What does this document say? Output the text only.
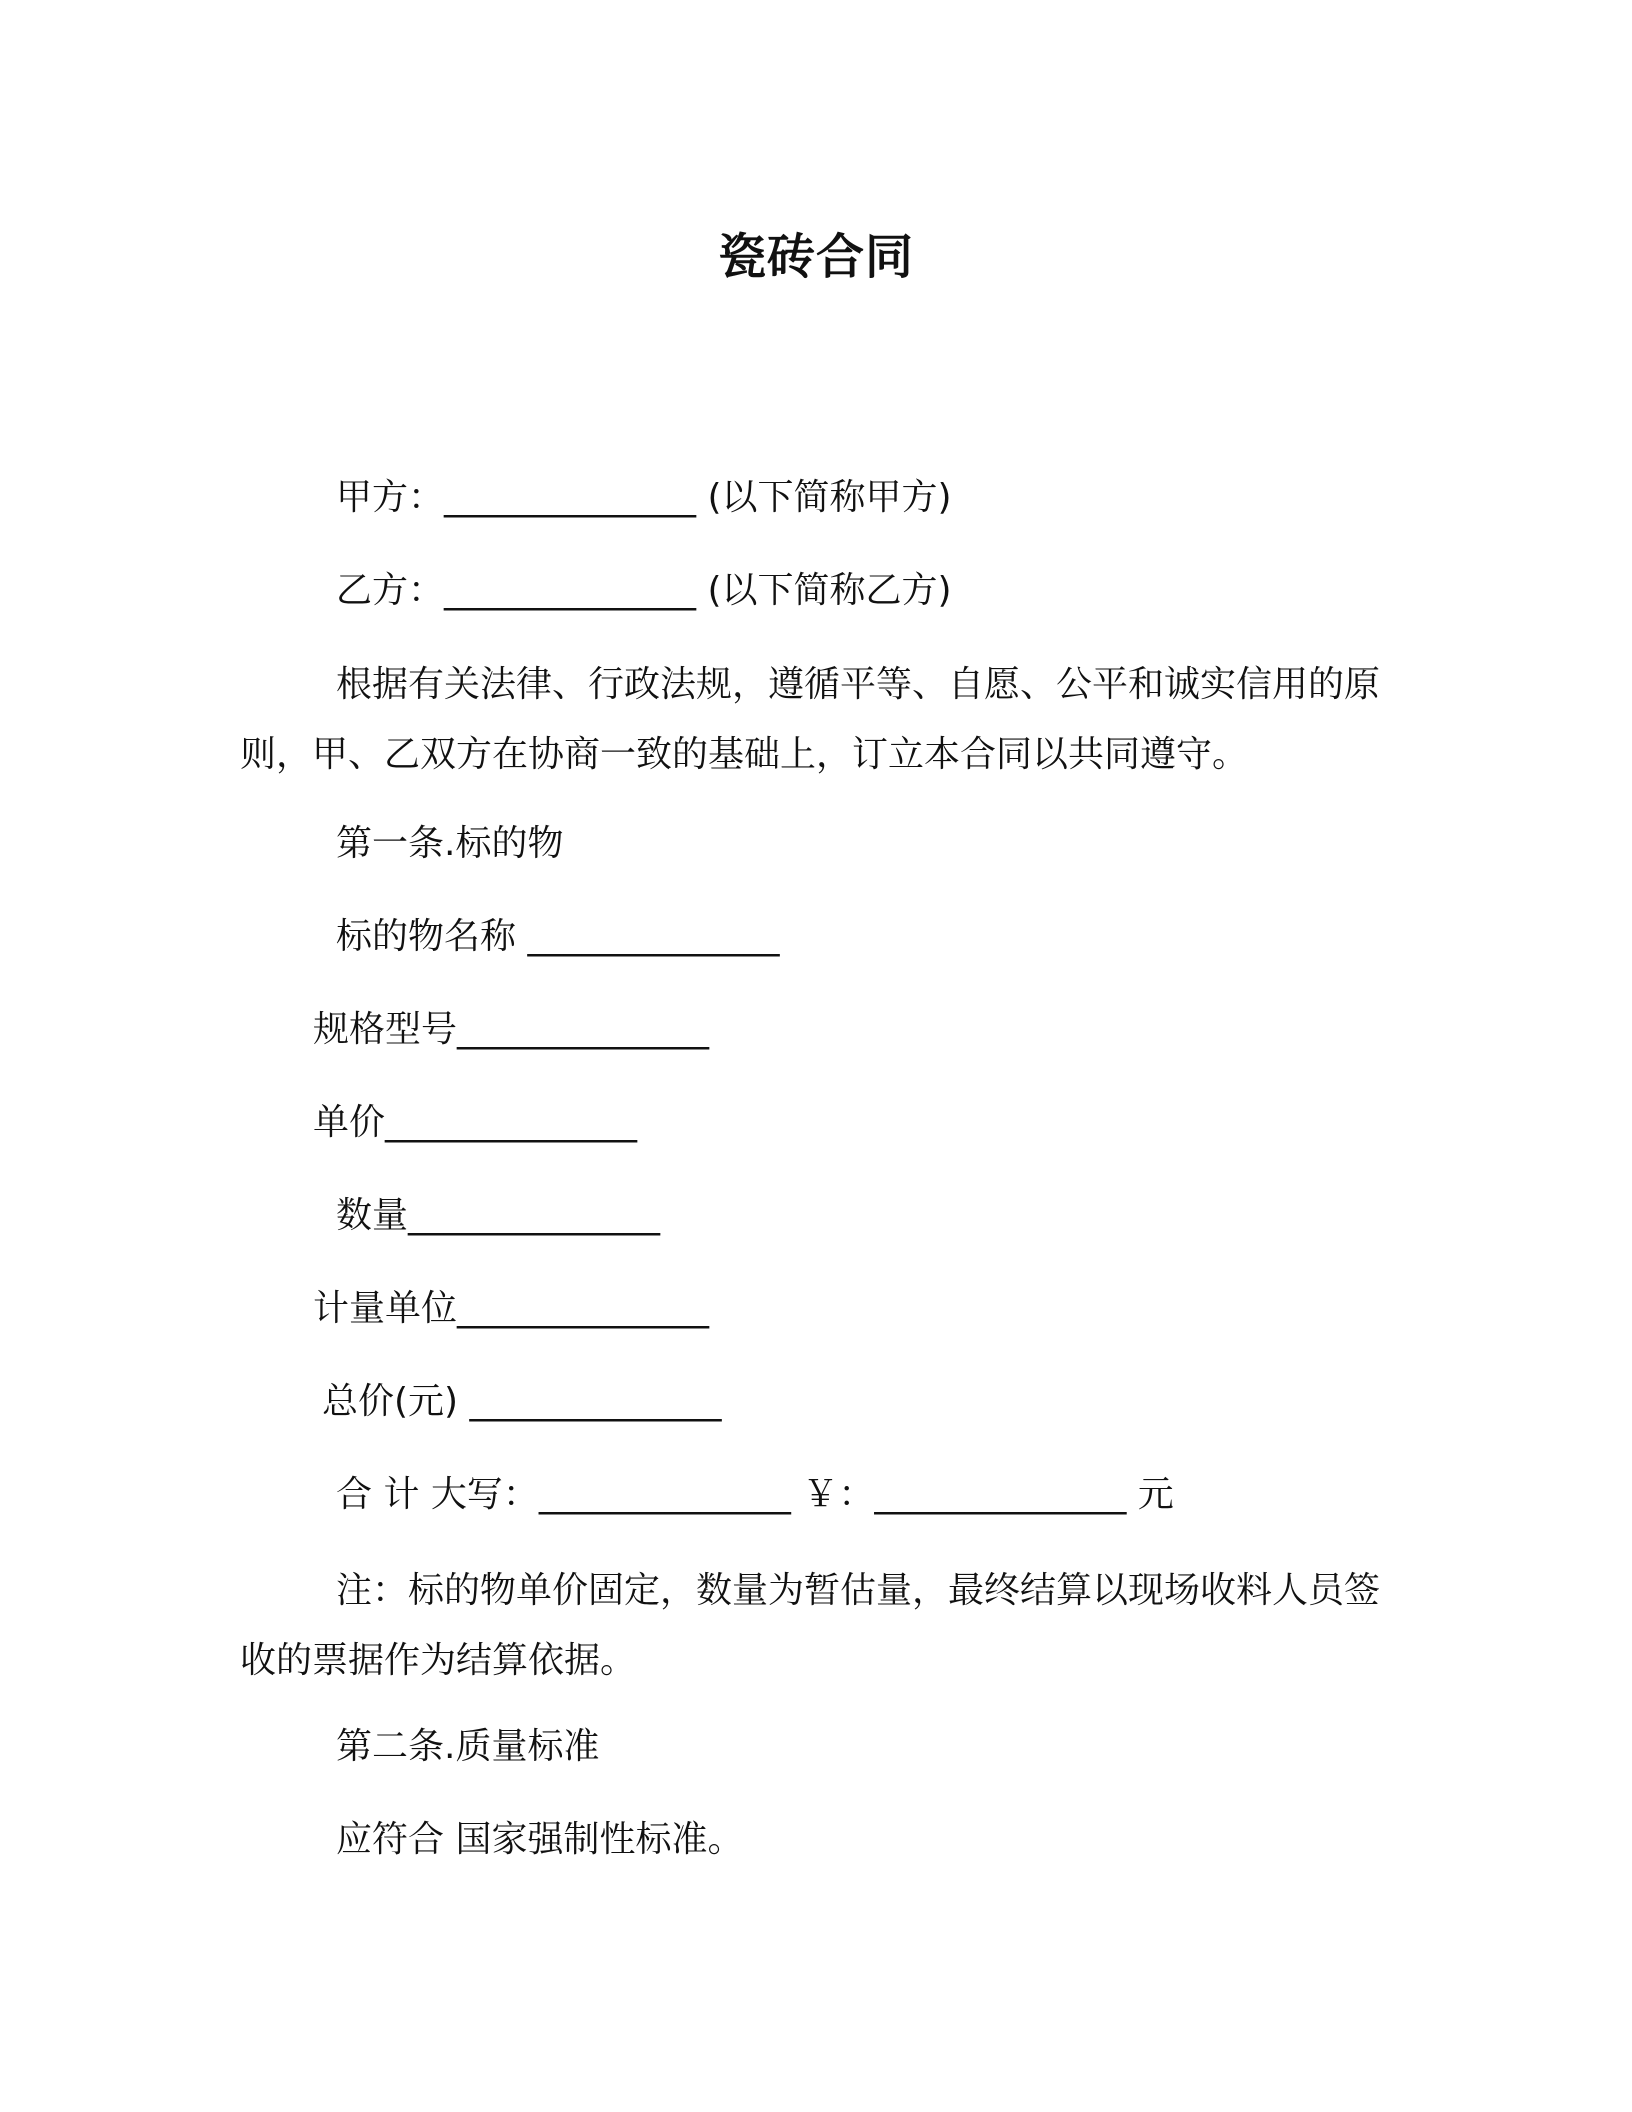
瓷砖合同
甲方：______________ (以下简称甲方)
乙方：______________ (以下简称乙方)
根据有关法律、行政法规，遵循平等、自愿、公平和诚实信用的原则，甲、乙双方在协商一致的基础上，订立本合同以共同遵守。
第一条.标的物
标的物名称 ______________
规格型号______________
单价______________
数量______________
计量单位______________
总价(元) ______________
合 计 大写：______________ ￥：______________ 元
注：标的物单价固定，数量为暂估量，最终结算以现场收料人员签收的票据作为结算依据。
第二条.质量标准
应符合 国家强制性标准。
